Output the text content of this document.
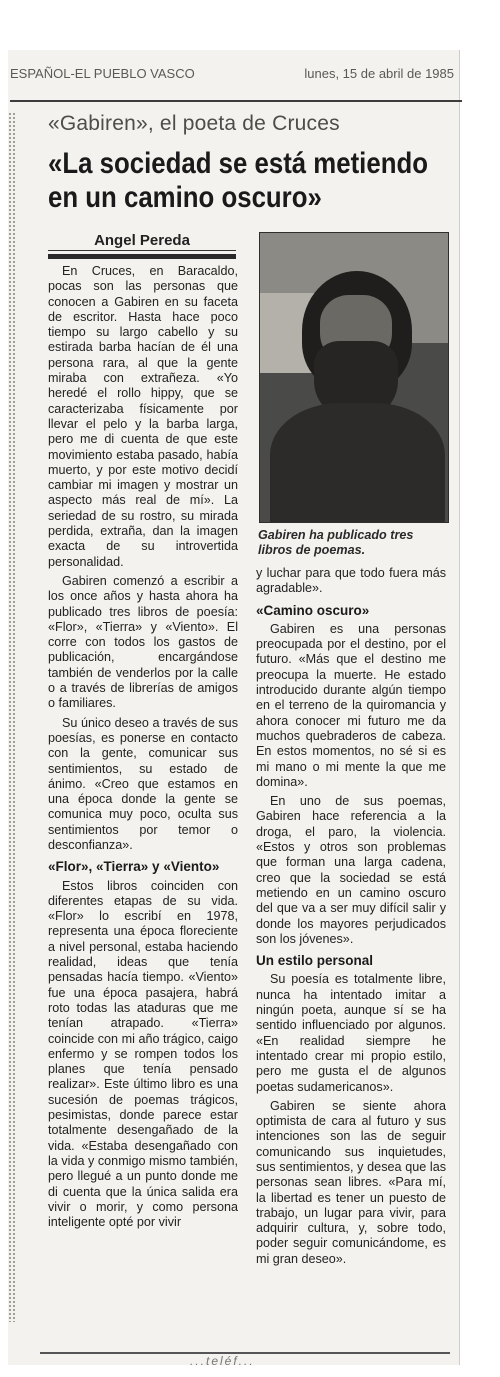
ESPAÑOL-EL PUEBLO VASCO	lunes, 15 de abril de 1985
«Gabiren», el poeta de Cruces
«La sociedad se está metiendo en un camino oscuro»
Angel Pereda

En Cruces, en Baracaldo, pocas son las personas que conocen a Gabiren en su faceta de escritor. Hasta hace poco tiempo su largo cabello y su estirada barba hacían de él una persona rara, al que la gente miraba con extrañeza. «Yo heredé el rollo hippy, que se caracterizaba físicamente por llevar el pelo y la barba larga, pero me di cuenta de que este movimiento estaba pasado, había muerto, y por este motivo decidí cambiar mi imagen y mostrar un aspecto más real de mí». La seriedad de su rostro, su mirada perdida, extraña, dan la imagen exacta de su introvertida personalidad.

Gabiren comenzó a escribir a los once años y hasta ahora ha publicado tres libros de poesía: «Flor», «Tierra» y «Viento». El corre con todos los gastos de publicación, encargándose también de venderlos por la calle o a través de librerías de amigos o familiares.

Su único deseo a través de sus poesías, es ponerse en contacto con la gente, comunicar sus sentimientos, su estado de ánimo. «Creo que estamos en una época donde la gente se comunica muy poco, oculta sus sentimientos por temor o desconfianza».

«Flor», «Tierra» y «Viento»

Estos libros coinciden con diferentes etapas de su vida. «Flor» lo escribí en 1978, representa una época floreciente a nivel personal, estaba haciendo realidad, ideas que tenía pensadas hacía tiempo. «Viento» fue una época pasajera, habrá roto todas las ataduras que me tenían atrapado. «Tierra» coincide con mi año trágico, caigo enfermo y se rompen todos los planes que tenía pensado realizar». Este último libro es una sucesión de poemas trágicos, pesimistas, donde parece estar totalmente desengañado de la vida. «Estaba desengañado con la vida y conmigo mismo también, pero llegué a un punto donde me di cuenta que la única salida era vivir o morir, y como persona inteligente opté por vivir

Gabiren ha publicado tres libros de poemas.

y luchar para que todo fuera más agradable».

«Camino oscuro»

Gabiren es una personas preocupada por el destino, por el futuro. «Más que el destino me preocupa la muerte. He estado introducido durante algún tiempo en el terreno de la quiromancia y ahora conocer mi futuro me da muchos quebraderos de cabeza. En estos momentos, no sé si es mi mano o mi mente la que me domina».

En uno de sus poemas, Gabiren hace referencia a la droga, el paro, la violencia. «Estos y otros son problemas que forman una larga cadena, creo que la sociedad se está metiendo en un camino oscuro del que va a ser muy difícil salir y donde los mayores perjudicados son los jóvenes».

Un estilo personal

Su poesía es totalmente libre, nunca ha intentado imitar a ningún poeta, aunque sí se ha sentido influenciado por algunos. «En realidad siempre he intentado crear mi propio estilo, pero me gusta el de algunos poetas sudamericanos».

Gabiren se siente ahora optimista de cara al futuro y sus intenciones son las de seguir comunicando sus inquietudes, sus sentimientos, y desea que las personas sean libres. «Para mí, la libertad es tener un puesto de trabajo, un lugar para vivir, para adquirir cultura, y, sobre todo, poder seguir comunicándome, es mi gran deseo».

...teléf...
